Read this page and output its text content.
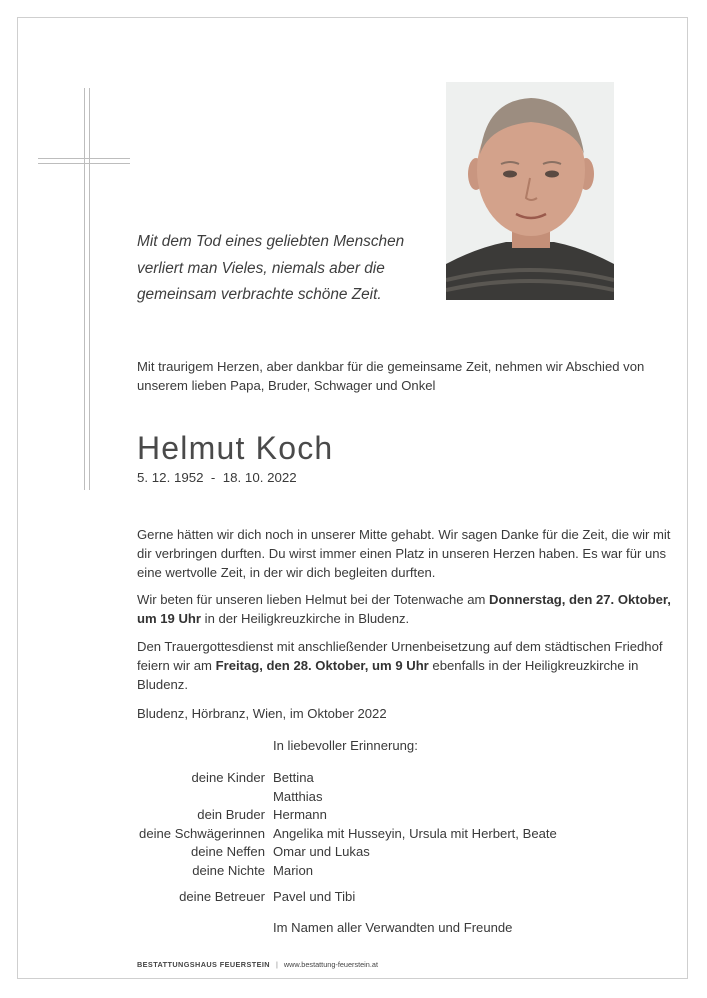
Mit dem Tod eines geliebten Menschen
verliert man Vieles, niemals aber die
gemeinsam verbrachte schöne Zeit.
Mit traurigem Herzen, aber dankbar für die gemeinsame Zeit, nehmen wir Abschied von unserem lieben Papa, Bruder, Schwager und Onkel
Helmut Koch
5. 12. 1952  -  18. 10. 2022

Gerne hätten wir dich noch in unserer Mitte gehabt. Wir sagen Danke für die Zeit, die wir mit dir verbringen durften. Du wirst immer einen Platz in unseren Herzen haben. Es war für uns eine wertvolle Zeit, in der wir dich begleiten durften.

Wir beten für unseren lieben Helmut bei der Totenwache am Donnerstag, den 27. Oktober, um 19 Uhr in der Heiligkreuzkirche in Bludenz.

Den Trauergottesdienst mit anschließender Urnenbeisetzung auf dem städtischen Friedhof feiern wir am Freitag, den 28. Oktober, um 9 Uhr ebenfalls in der Heiligkreuzkirche in Bludenz.

Bludenz, Hörbranz, Wien, im Oktober 2022
In liebevoller Erinnerung:
deine Kinder Bettina
Matthias
dein Bruder Hermann
deine Schwägerinnen Angelika mit Husseyin, Ursula mit Herbert, Beate
deine Neffen Omar und Lukas
deine Nichte Marion
deine Betreuer Pavel und Tibi
Im Namen aller Verwandten und Freunde
BESTATTUNGSHAUS FEUERSTEIN | www.bestattung-feuerstein.at
